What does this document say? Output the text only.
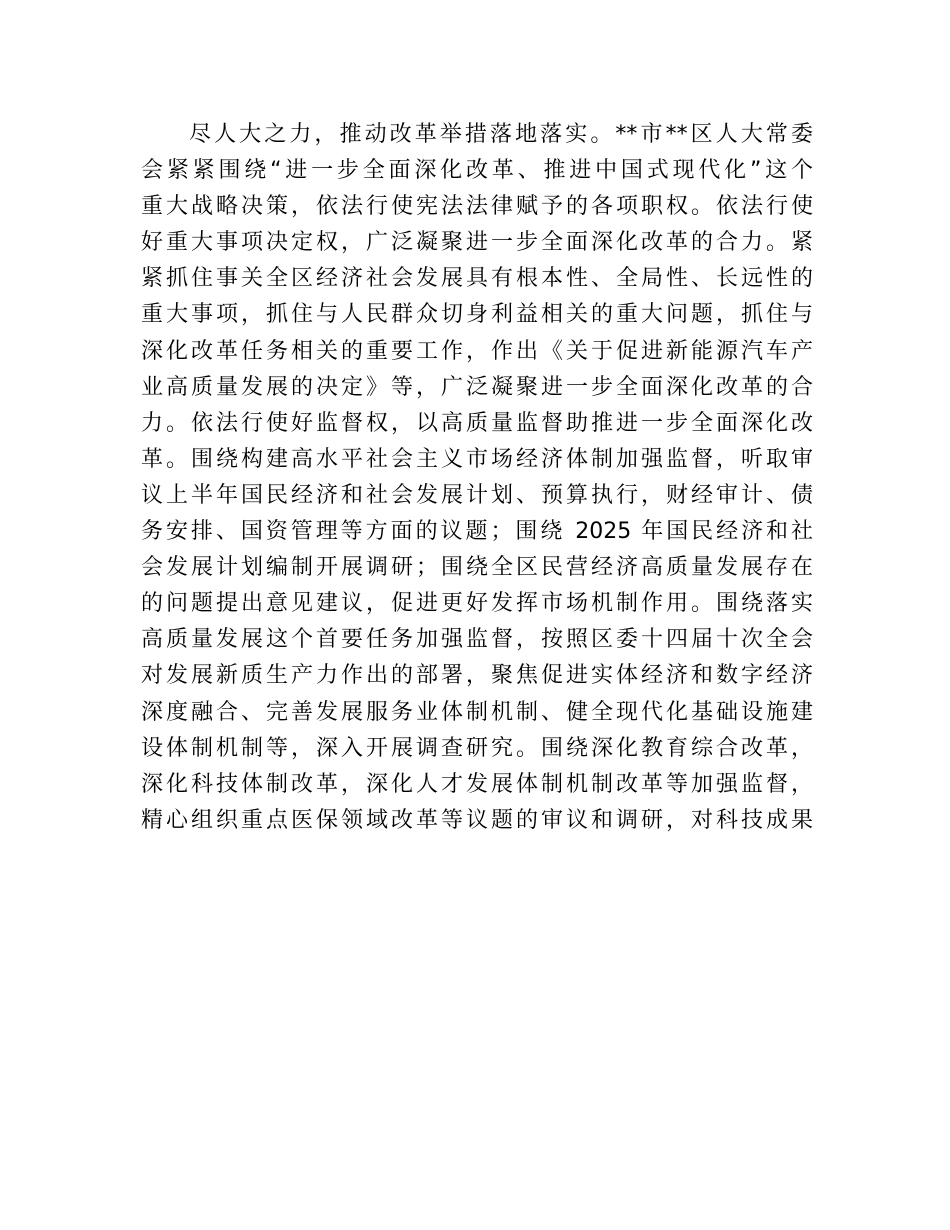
尽人大之力，推动改革举措落地落实。**市**区人大常委
会紧紧围绕“进一步全面深化改革、推进中国式现代化”这个
重大战略决策，依法行使宪法法律赋予的各项职权。依法行使
好重大事项决定权，广泛凝聚进一步全面深化改革的合力。紧
紧抓住事关全区经济社会发展具有根本性、全局性、长远性的
重大事项，抓住与人民群众切身利益相关的重大问题，抓住与
深化改革任务相关的重要工作，作出《关于促进新能源汽车产
业高质量发展的决定》等，广泛凝聚进一步全面深化改革的合
力。依法行使好监督权，以高质量监督助推进一步全面深化改
革。围绕构建高水平社会主义市场经济体制加强监督，听取审
议上半年国民经济和社会发展计划、预算执行，财经审计、债
务安排、国资管理等方面的议题；围绕 2025 年国民经济和社
会发展计划编制开展调研；围绕全区民营经济高质量发展存在
的问题提出意见建议，促进更好发挥市场机制作用。围绕落实
高质量发展这个首要任务加强监督，按照区委十四届十次全会
对发展新质生产力作出的部署，聚焦促进实体经济和数字经济
深度融合、完善发展服务业体制机制、健全现代化基础设施建
设体制机制等，深入开展调查研究。围绕深化教育综合改革，
深化科技体制改革，深化人才发展体制机制改革等加强监督，
精心组织重点医保领域改革等议题的审议和调研，对科技成果
